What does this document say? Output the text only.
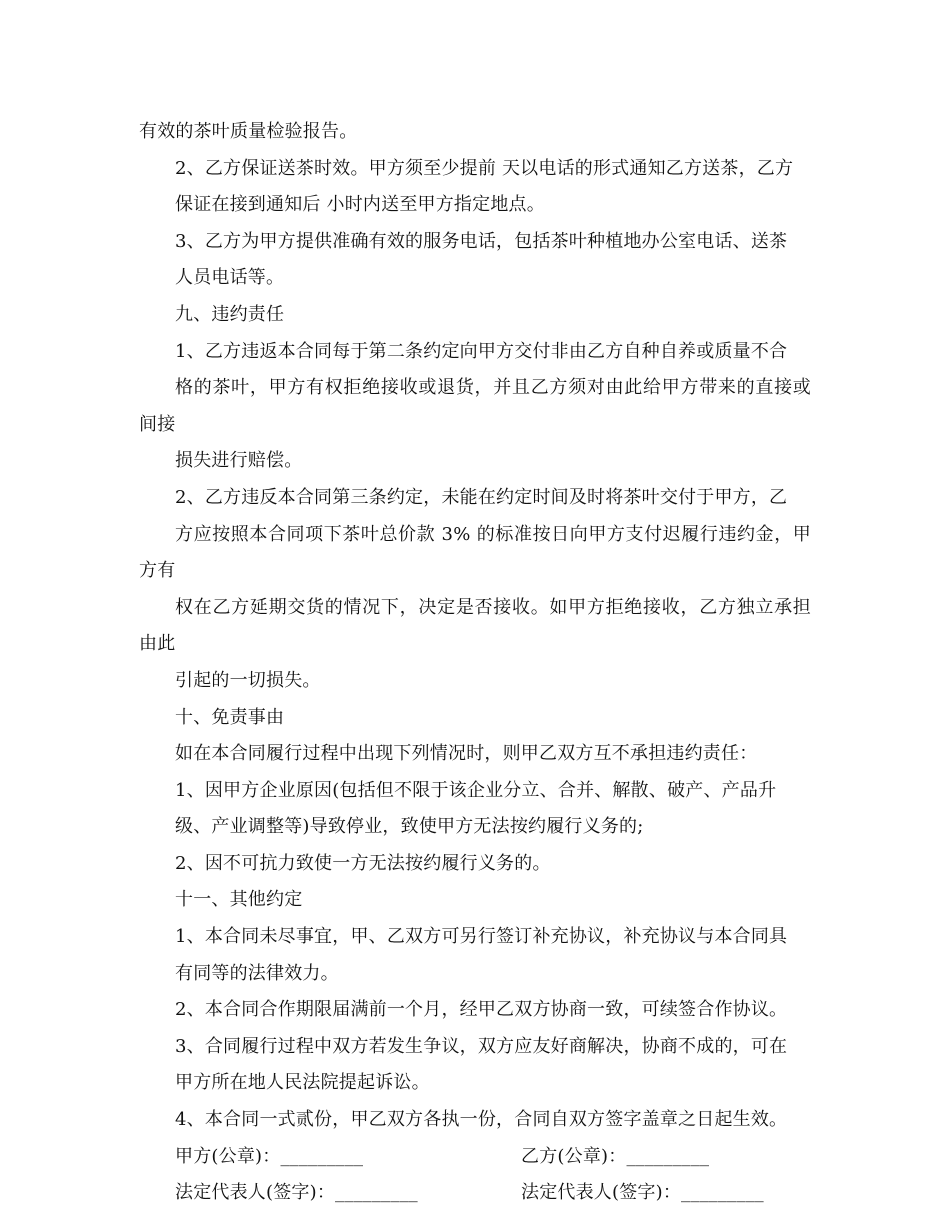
有效的茶叶质量检验报告。

2、乙方保证送茶时效。甲方须至少提前 天以电话的形式通知乙方送茶，乙方
保证在接到通知后 小时内送至甲方指定地点。

3、乙方为甲方提供准确有效的服务电话，包括茶叶种植地办公室电话、送茶
人员电话等。

九、违约责任

1、乙方违返本合同每于第二条约定向甲方交付非由乙方自种自养或质量不合
格的茶叶，甲方有权拒绝接收或退货，并且乙方须对由此给甲方带来的直接或间接
损失进行赔偿。

2、乙方违反本合同第三条约定，未能在约定时间及时将茶叶交付于甲方，乙
方应按照本合同项下茶叶总价款 3% 的标准按日向甲方支付迟履行违约金，甲方有
权在乙方延期交货的情况下，决定是否接收。如甲方拒绝接收，乙方独立承担由此
引起的一切损失。

十、免责事由

如在本合同履行过程中出现下列情况时，则甲乙双方互不承担违约责任：

1、因甲方企业原因(包括但不限于该企业分立、合并、解散、破产、产品升
级、产业调整等)导致停业，致使甲方无法按约履行义务的;

2、因不可抗力致使一方无法按约履行义务的。

十一、其他约定

1、本合同未尽事宜，甲、乙双方可另行签订补充协议，补充协议与本合同具
有同等的法律效力。

2、本合同合作期限届满前一个月，经甲乙双方协商一致，可续签合作协议。

3、合同履行过程中双方若发生争议，双方应友好商解决，协商不成的，可在
甲方所在地人民法院提起诉讼。

4、本合同一式贰份，甲乙双方各执一份，合同自双方签字盖章之日起生效。

甲方(公章)：_________	乙方(公章)：_________
法定代表人(签字)：_________	法定代表人(签字)：_________
